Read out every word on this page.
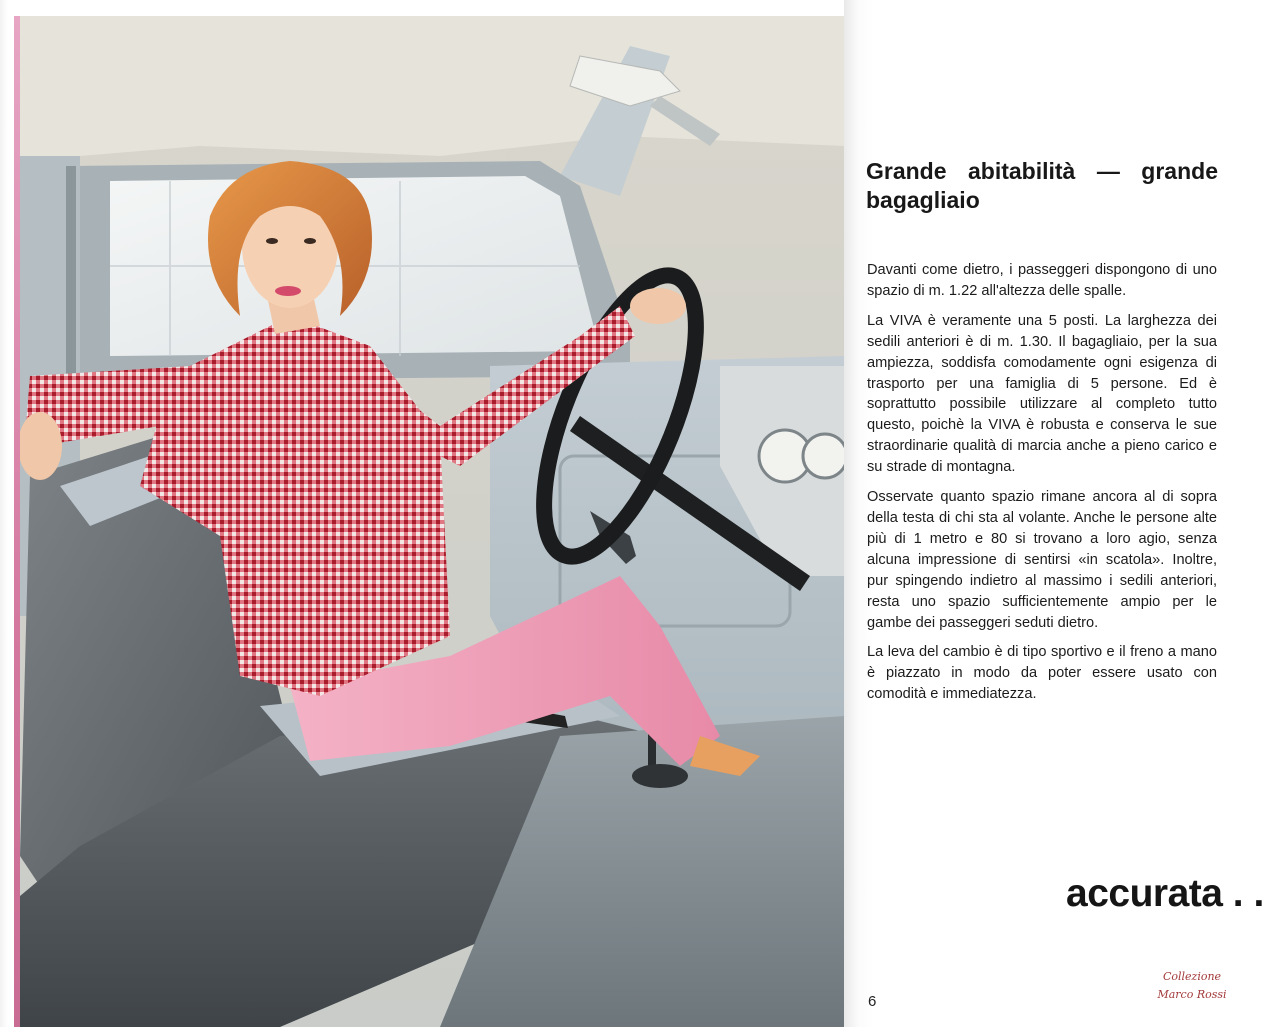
Grande abitabilità — grande
bagagliaio

Davanti come dietro, i passeggeri dispongono di uno spazio di m. 1.22 all'altezza delle spalle.

La VIVA è veramente una 5 posti. La larghezza dei sedili anteriori è di m. 1.30. Il bagagliaio, per la sua ampiezza, soddisfa comodamente ogni esigenza di trasporto per una famiglia di 5 persone. Ed è soprattutto possibile utilizzare al completo tutto questo, poichè la VIVA è robusta e conserva le sue straordinarie qualità di marcia anche a pieno carico e su strade di montagna.

Osservate quanto spazio rimane ancora al di sopra della testa di chi sta al volante. Anche le persone alte più di 1 metro e 80 si trovano a loro agio, senza alcuna impressione di sentirsi «in scatola». Inoltre, pur spingendo indietro al massimo i sedili anteriori, resta uno spazio sufficientemente ampio per le gambe dei passeggeri seduti dietro.

La leva del cambio è di tipo sportivo e il freno a mano è piazzato in modo da poter essere usato con comodità e immediatezza.

accurata . .
6
Collezione
Marco Rossi
